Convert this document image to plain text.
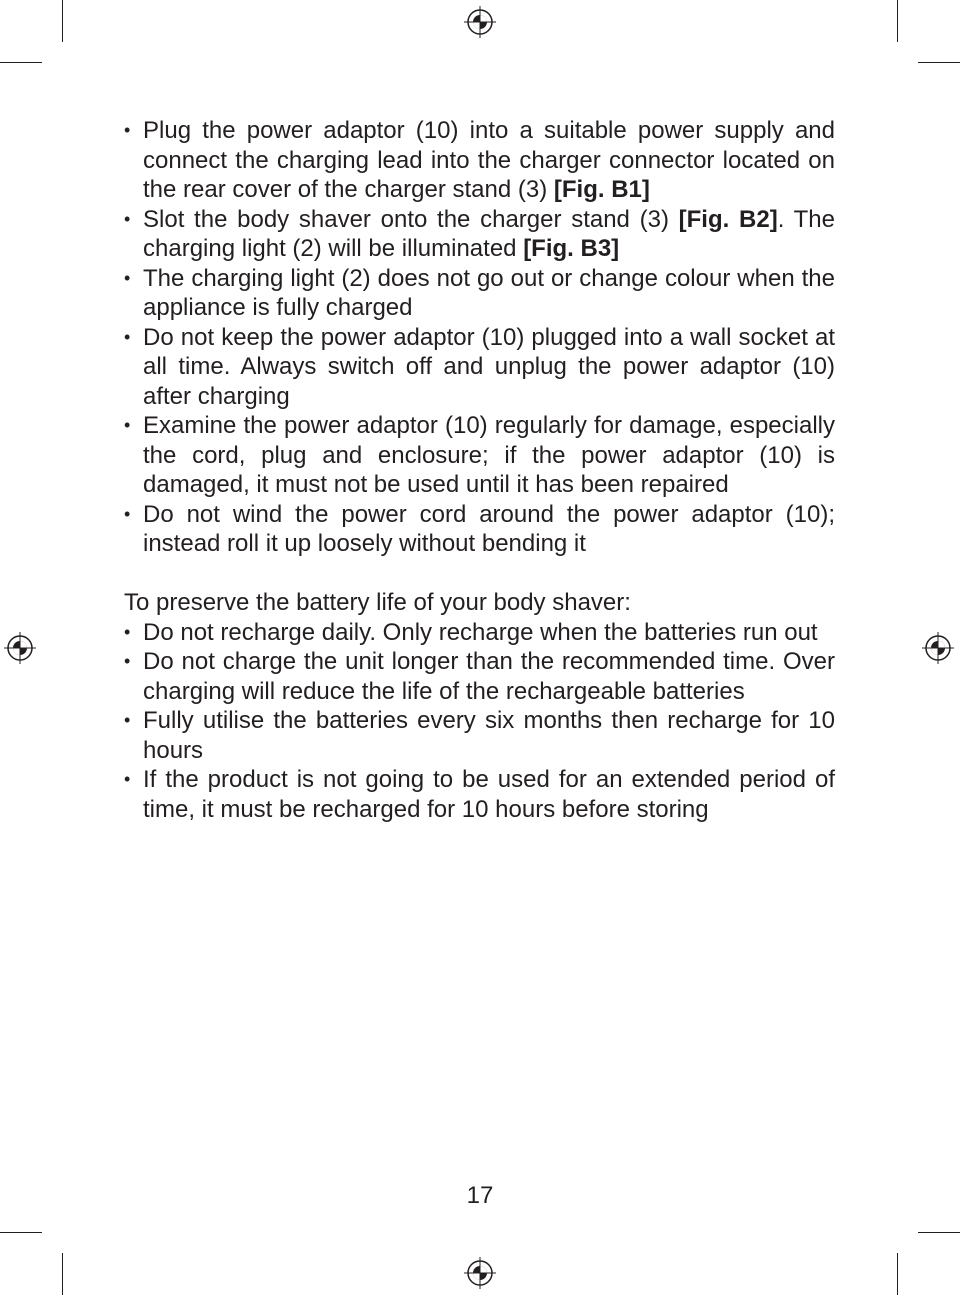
• Plug the power adaptor (10) into a suitable power supply and connect the charging lead into the charger connector located on the rear cover of the charger stand (3) [Fig. B1]
• Slot the body shaver onto the charger stand (3) [Fig. B2]. The charging light (2) will be illuminated [Fig. B3]
• The charging light (2) does not go out or change colour when the appliance is fully charged
• Do not keep the power adaptor (10) plugged into a wall socket at all time. Always switch off and unplug the power adaptor (10) after charging
• Examine the power adaptor (10) regularly for damage, especially the cord, plug and enclosure; if the power adaptor (10) is damaged, it must not be used until it has been repaired
• Do not wind the power cord around the power adaptor (10); instead roll it up loosely without bending it

To preserve the battery life of your body shaver:

• Do not recharge daily. Only recharge when the batteries run out
• Do not charge the unit longer than the recommended time. Over charging will reduce the life of the rechargeable batteries
• Fully utilise the batteries every six months then recharge for 10 hours
• If the product is not going to be used for an extended period of time, it must be recharged for 10 hours before storing
17
